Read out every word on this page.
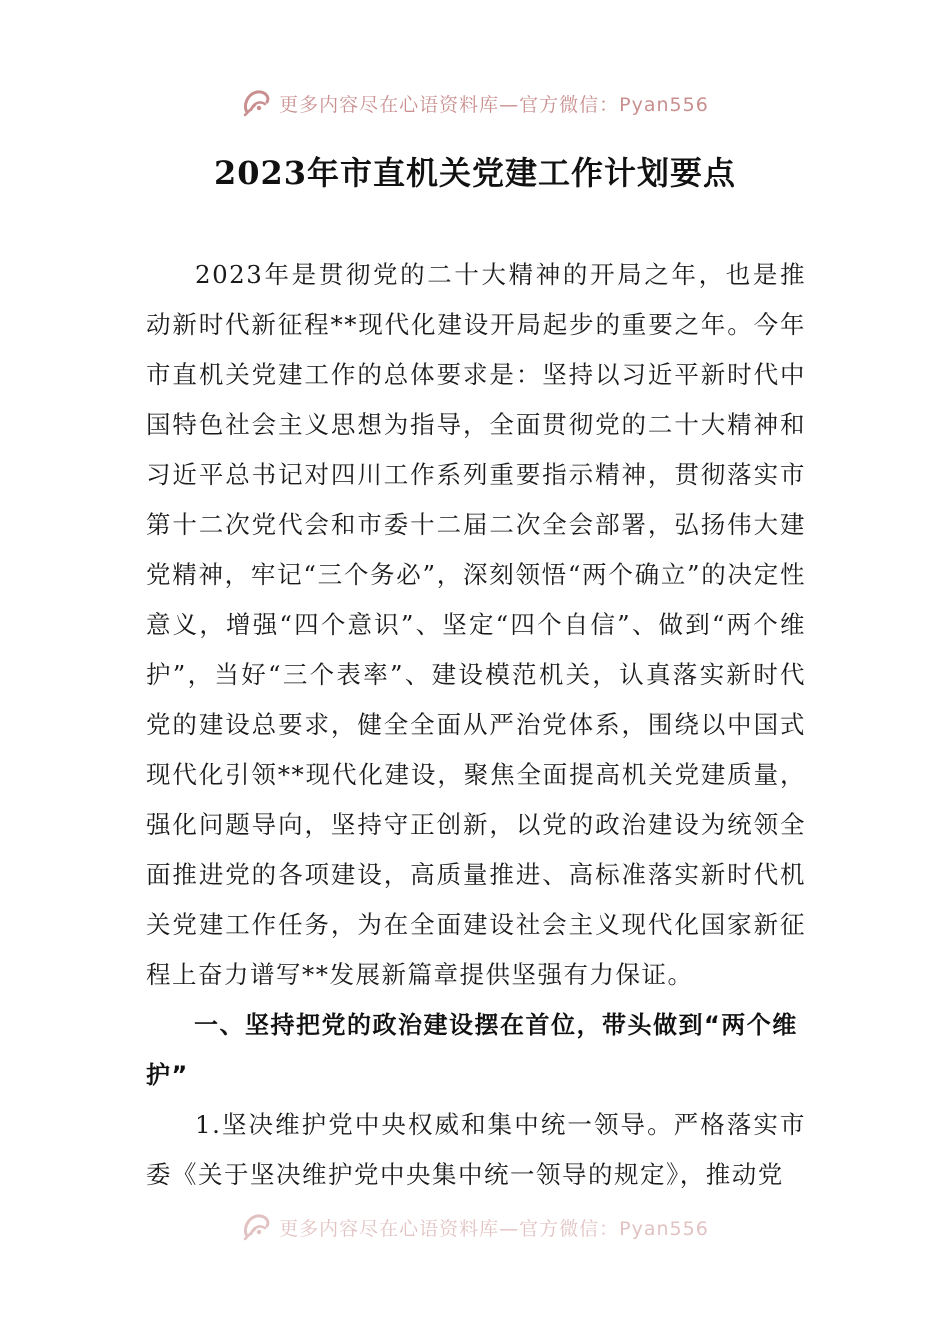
更多内容尽在心语资料库—官方微信：Pyan556
2023年市直机关党建工作计划要点

2023年是贯彻党的二十大精神的开局之年，也是推动新时代新征程**现代化建设开局起步的重要之年。今年市直机关党建工作的总体要求是：坚持以习近平新时代中国特色社会主义思想为指导，全面贯彻党的二十大精神和习近平总书记对四川工作系列重要指示精神，贯彻落实市第十二次党代会和市委十二届二次全会部署，弘扬伟大建党精神，牢记“三个务必”，深刻领悟“两个确立”的决定性意义，增强“四个意识”、坚定“四个自信”、做到“两个维护”，当好“三个表率”、建设模范机关，认真落实新时代党的建设总要求，健全全面从严治党体系，围绕以中国式现代化引领**现代化建设，聚焦全面提高机关党建质量，强化问题导向，坚持守正创新，以党的政治建设为统领全面推进党的各项建设，高质量推进、高标准落实新时代机关党建工作任务，为在全面建设社会主义现代化国家新征程上奋力谱写**发展新篇章提供坚强有力保证。

一、坚持把党的政治建设摆在首位，带头做到“两个维护”

1.坚决维护党中央权威和集中统一领导。严格落实市委《关于坚决维护党中央集中统一领导的规定》，推动党

更多内容尽在心语资料库—官方微信：Pyan556
